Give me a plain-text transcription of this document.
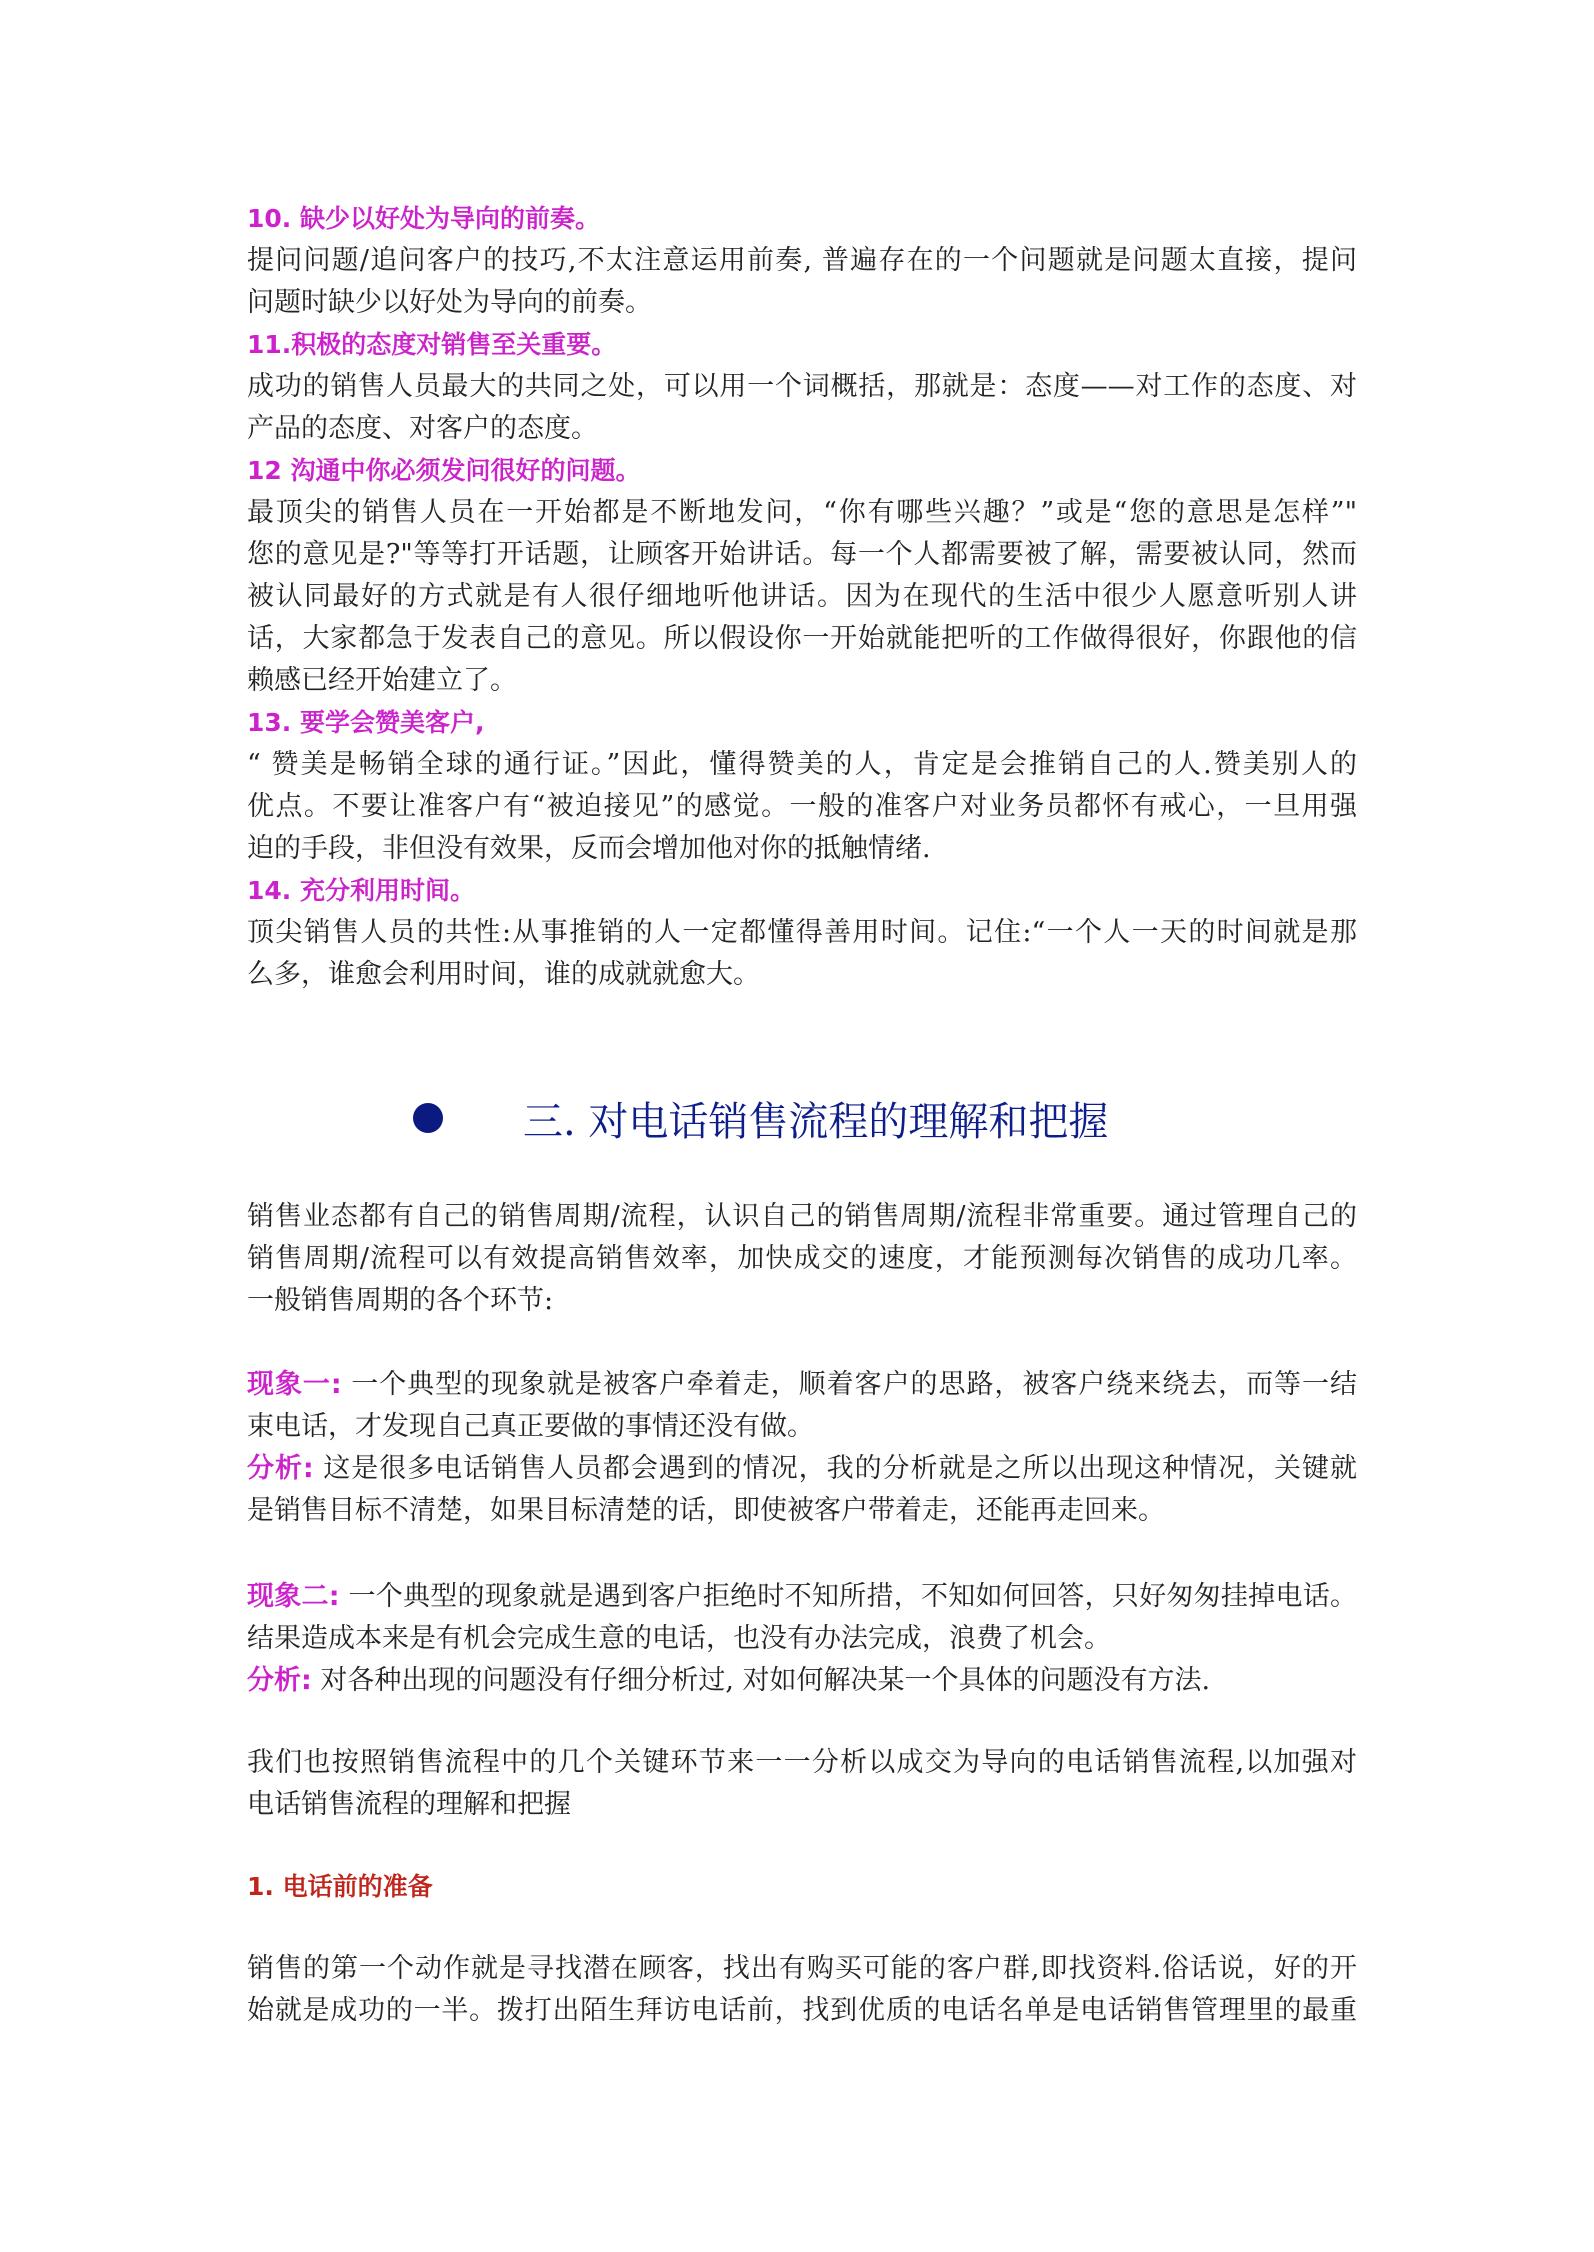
10. 缺少以好处为导向的前奏。

提问问题/追问客户的技巧,不太注意运用前奏, 普遍存在的一个问题就是问题太直接，提问

问题时缺少以好处为导向的前奏。

11.积极的态度对销售至关重要。

成功的销售人员最大的共同之处，可以用一个词概括，那就是：态度——对工作的态度、对

产品的态度、对客户的态度。

12 沟通中你必须发问很好的问题。

最顶尖的销售人员在一开始都是不断地发问，“你有哪些兴趣？”或是“您的意思是怎样”"

您的意见是?"等等打开话题，让顾客开始讲话。每一个人都需要被了解，需要被认同，然而

被认同最好的方式就是有人很仔细地听他讲话。因为在现代的生活中很少人愿意听别人讲

话，大家都急于发表自己的意见。所以假设你一开始就能把听的工作做得很好，你跟他的信

赖感已经开始建立了。

13. 要学会赞美客户,

“ 赞美是畅销全球的通行证。”因此，懂得赞美的人，肯定是会推销自己的人.赞美别人的

优点。不要让准客户有“被迫接见”的感觉。一般的准客户对业务员都怀有戒心，一旦用强

迫的手段，非但没有效果，反而会增加他对你的抵触情绪.

14. 充分利用时间。

顶尖销售人员的共性:从事推销的人一定都懂得善用时间。记住:“一个人一天的时间就是那

么多，谁愈会利用时间，谁的成就就愈大。

三. 对电话销售流程的理解和把握

销售业态都有自己的销售周期/流程，认识自己的销售周期/流程非常重要。通过管理自己的

销售周期/流程可以有效提高销售效率，加快成交的速度，才能预测每次销售的成功几率。

一般销售周期的各个环节:

现象一: 一个典型的现象就是被客户牵着走，顺着客户的思路，被客户绕来绕去，而等一结

束电话，才发现自己真正要做的事情还没有做。

分析: 这是很多电话销售人员都会遇到的情况，我的分析就是之所以出现这种情况，关键就

是销售目标不清楚，如果目标清楚的话，即使被客户带着走，还能再走回来。

现象二: 一个典型的现象就是遇到客户拒绝时不知所措，不知如何回答，只好匆匆挂掉电话。

结果造成本来是有机会完成生意的电话，也没有办法完成，浪费了机会。

分析: 对各种出现的问题没有仔细分析过, 对如何解决某一个具体的问题没有方法.

我们也按照销售流程中的几个关键环节来一一分析以成交为导向的电话销售流程,以加强对

电话销售流程的理解和把握

1. 电话前的准备

销售的第一个动作就是寻找潜在顾客，找出有购买可能的客户群,即找资料.俗话说，好的开

始就是成功的一半。拨打出陌生拜访电话前，找到优质的电话名单是电话销售管理里的最重
